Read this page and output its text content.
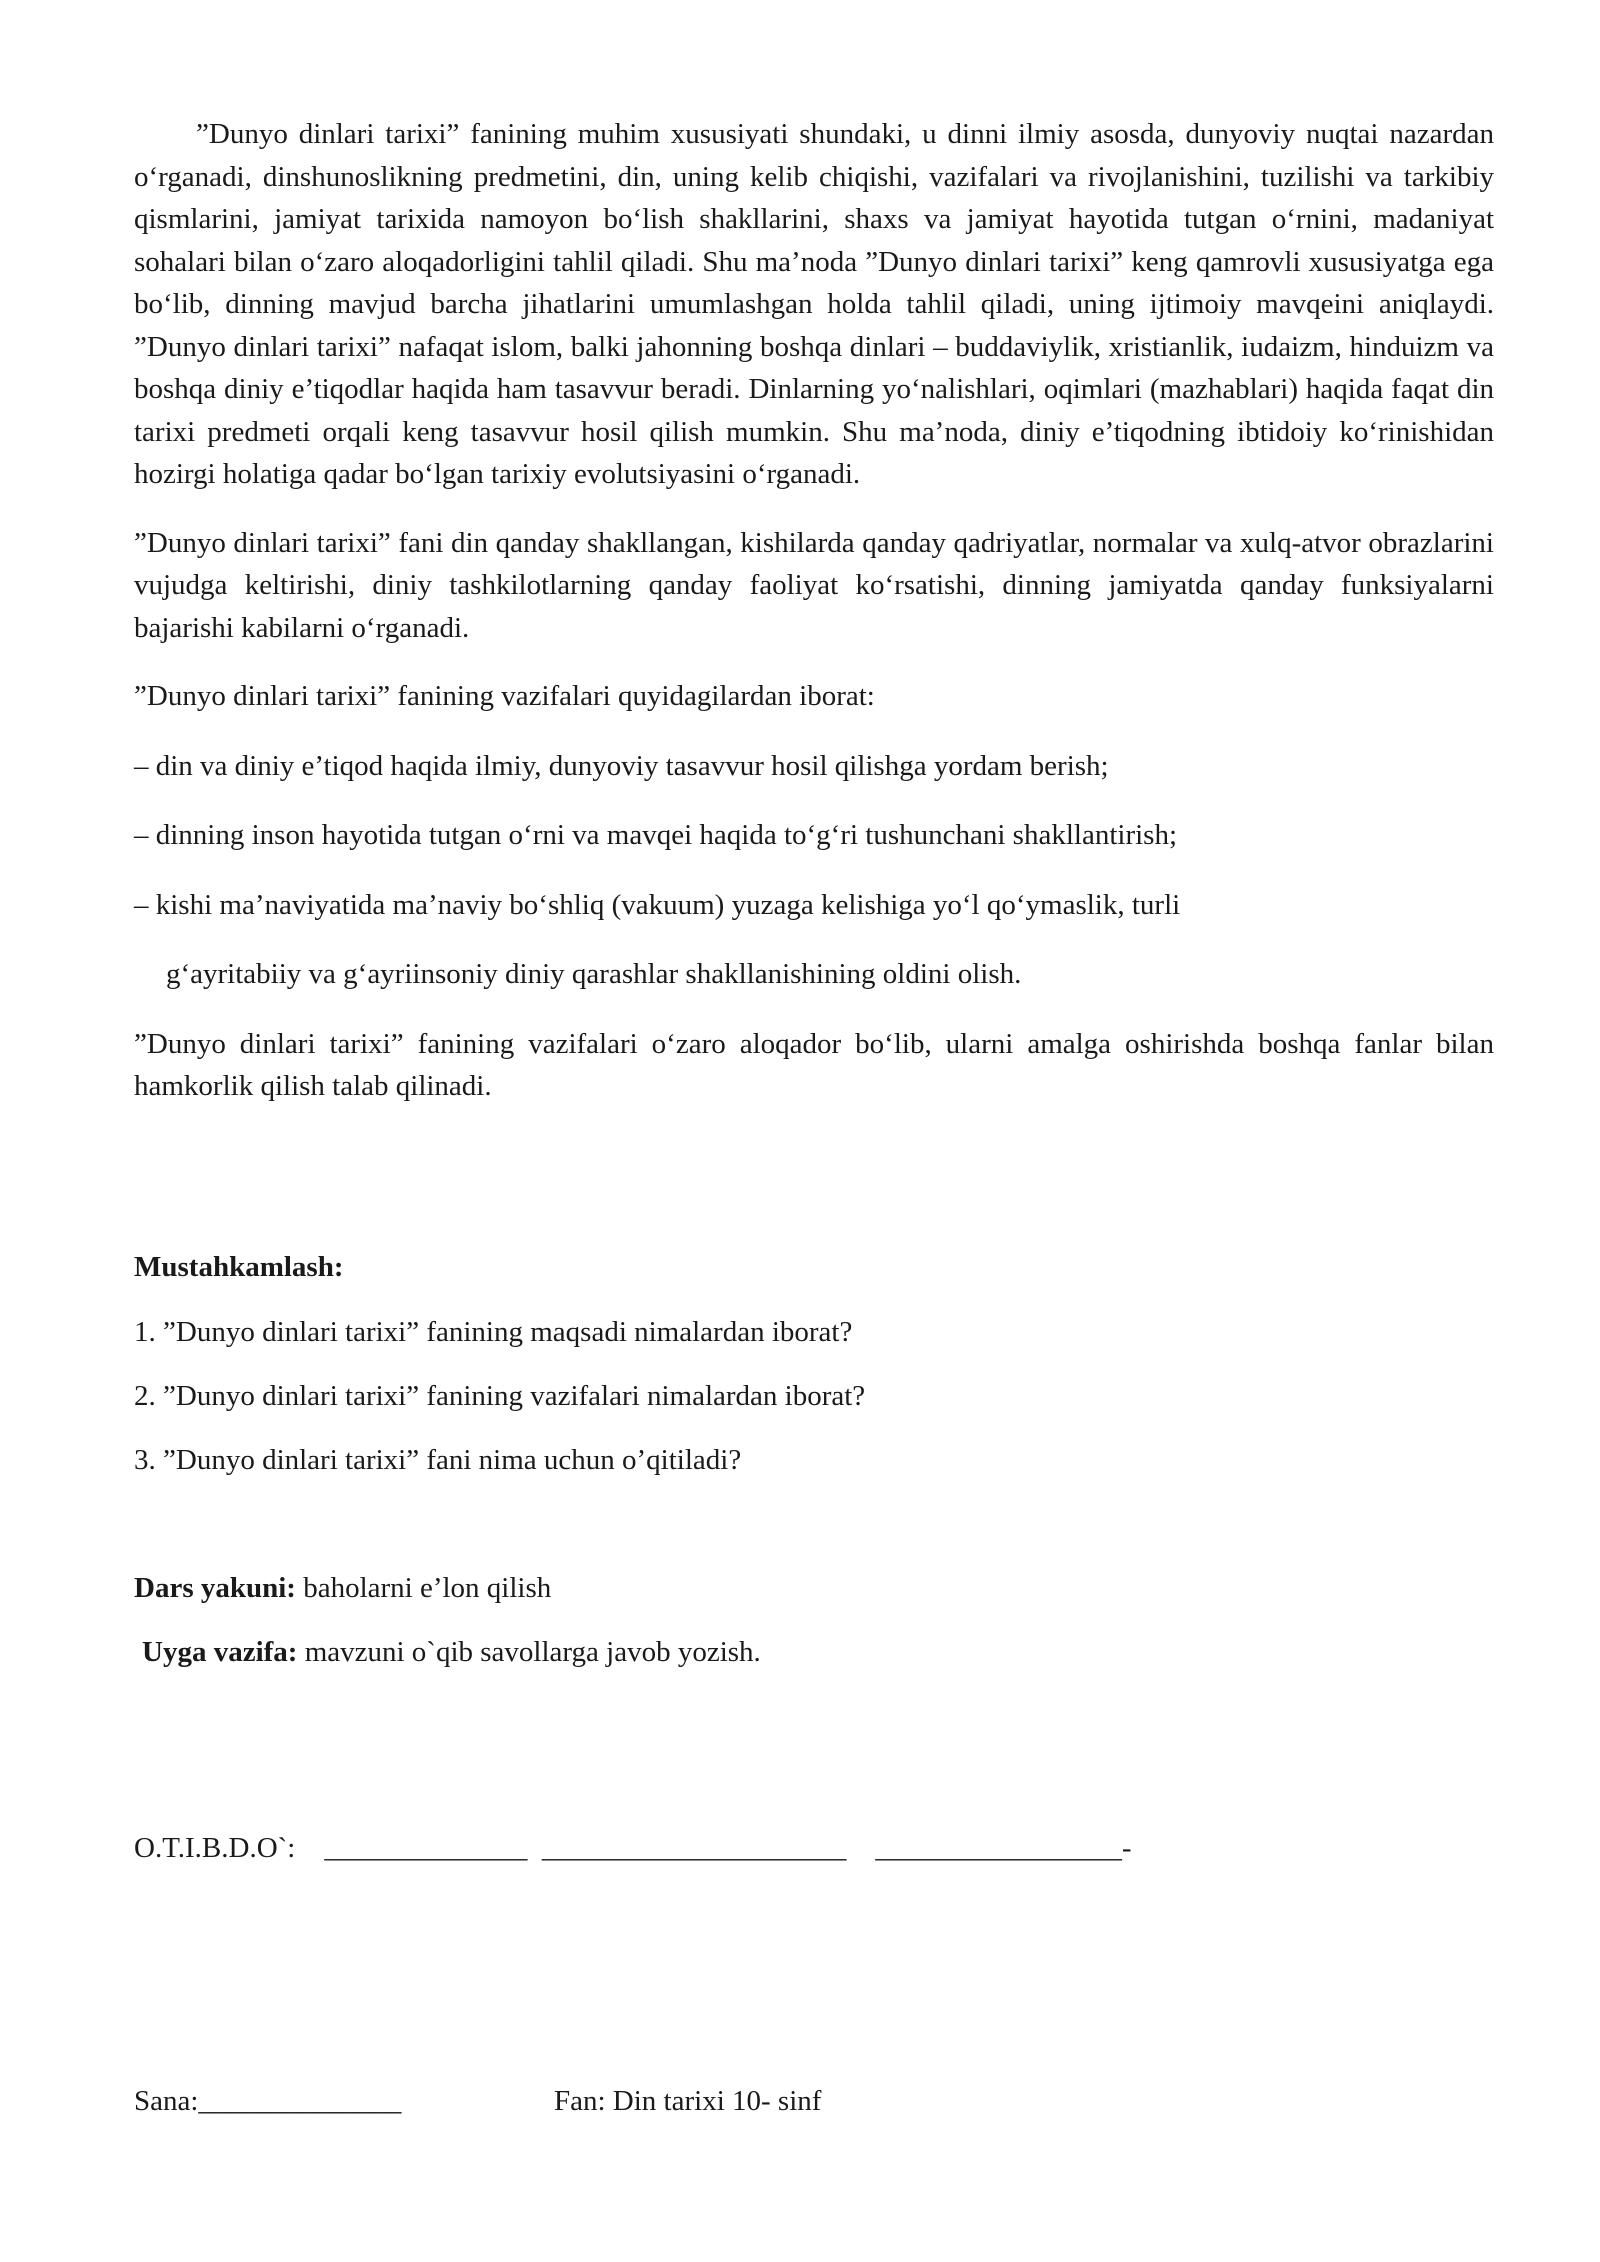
”Dunyo dinlari tarixi” fanining muhim xususiyati shundaki, u dinni ilmiy asosda, dunyoviy nuqtai nazardan o‘rganadi, dinshunoslikning predmetini, din, uning kelib chiqishi, vazifalari va rivojlanishini, tuzilishi va tarkibiy qismlarini, jamiyat tarixida namoyon bo‘lish shakllarini, shaxs va jamiyat hayotida tutgan o‘rnini, madaniyat sohalari bilan o‘zaro aloqadorligini tahlil qiladi. Shu ma’noda ”Dunyo dinlari tarixi” keng qamrovli xususiyatga ega bo‘lib, dinning mavjud barcha jihatlarini umumlashgan holda tahlil qiladi, uning ijtimoiy mavqeini aniqlaydi. ”Dunyo dinlari tarixi” nafaqat islom, balki jahonning boshqa dinlari – buddaviylik, xristianlik, iudaizm, hinduizm va boshqa diniy e’tiqodlar haqida ham tasavvur beradi. Dinlarning yo‘nalishlari, oqimlari (mazhablari) haqida faqat din tarixi predmeti orqali keng tasavvur hosil qilish mumkin. Shu ma’noda, diniy e’tiqodning ibtidoiy ko‘rinishidan hozirgi holatiga qadar bo‘lgan tarixiy evolutsiyasini o‘rganadi.

”Dunyo dinlari tarixi” fani din qanday shakllangan, kishilarda qanday qadriyatlar, normalar va xulq-atvor obrazlarini vujudga keltirishi, diniy tashkilotlarning qanday faoliyat ko‘rsatishi, dinning jamiyatda qanday funksiyalarni bajarishi kabilarni o‘rganadi.

”Dunyo dinlari tarixi” fanining vazifalari quyidagilardan iborat:

– din va diniy e’tiqod haqida ilmiy, dunyoviy tasavvur hosil qilishga yordam berish;

– dinning inson hayotida tutgan o‘rni va mavqei haqida to‘g‘ri tushunchani shakllantirish;

– kishi ma’naviyatida ma’naviy bo‘shliq (vakuum) yuzaga kelishiga yo‘l qo‘ymaslik, turli

g‘ayritabiiy va g‘ayriinsoniy diniy qarashlar shakllanishining oldini olish.

”Dunyo dinlari tarixi” fanining vazifalari o‘zaro aloqador bo‘lib, ularni amalga oshirishda boshqa fanlar bilan hamkorlik qilish talab qilinadi.

Mustahkamlash:
1. ”Dunyo dinlari tarixi” fanining maqsadi nimalardan iborat?
2. ”Dunyo dinlari tarixi” fanining vazifalari nimalardan iborat?
3. ”Dunyo dinlari tarixi” fani nima uchun o’qitiladi?
Dars yakuni: baholarni e’lon qilish
Uyga vazifa: mavzuni o`qib savollarga javob yozish.
O.T.I.B.D.O`:    ______________  _____________________    _________________-
Sana:______________	Fan: Din tarixi 10- sinf
